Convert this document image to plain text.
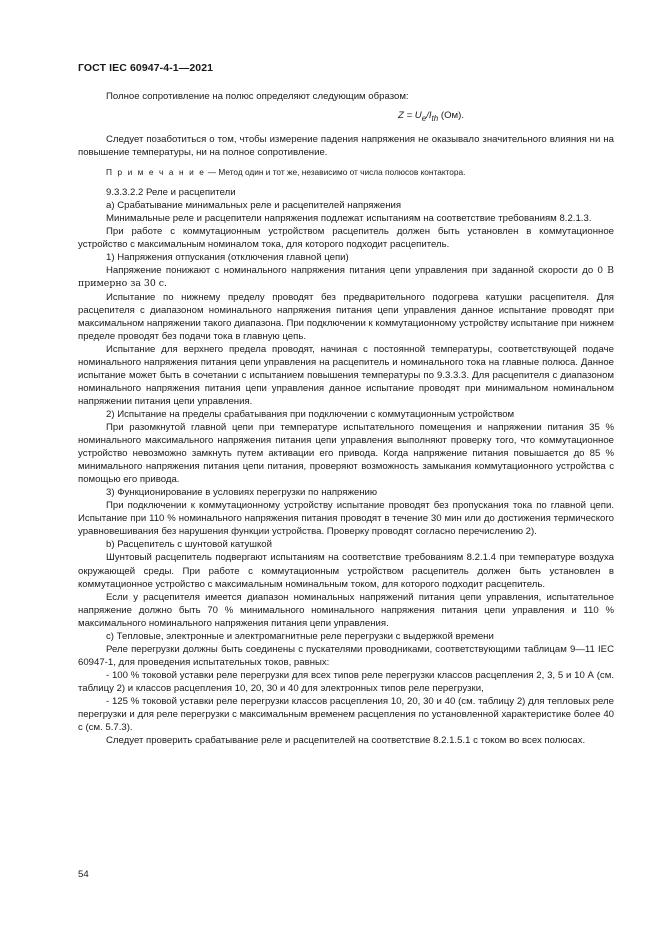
ГОСТ IEC 60947-4-1—2021

Полное сопротивление на полюс определяют следующим образом:

$Z = U_e/I_{th}$ (Ом).

Следует позаботиться о том, чтобы измерение падения напряжения не оказывало значительного влияния ни на повышение температуры, ни на полное сопротивление.

П р и м е ч а н и е — Метод один и тот же, независимо от числа полюсов контактора.

9.3.3.2.2 Реле и расцепители

a) Срабатывание минимальных реле и расцепителей напряжения

Минимальные реле и расцепители напряжения подлежат испытаниям на соответствие требованиям 8.2.1.3.

При работе с коммутационным устройством расцепитель должен быть установлен в коммутационное устройство с максимальным номиналом тока, для которого подходит расцепитель.

1) Напряжения отпускания (отключения главной цепи)

Напряжение понижают с номинального напряжения питания цепи управления при заданной скорости до 0 В примерно за 30 с.

Испытание по нижнему пределу проводят без предварительного подогрева катушки расцепителя. Для расцепителя с диапазоном номинального напряжения питания цепи управления данное испытание проводят при максимальном напряжении такого диапазона. При подключении к коммутационному устройству испытание при нижнем пределе проводят без подачи тока в главную цепь.

Испытание для верхнего предела проводят, начиная с постоянной температуры, соответствующей подаче номинального напряжения питания цепи управления на расцепитель и номинального тока на главные полюса. Данное испытание может быть в сочетании с испытанием повышения температуры по 9.3.3.3. Для расцепителя с диапазоном номинального напряжения питания цепи управления данное испытание проводят при минимальном номинальном напряжении питания цепи управления.

2) Испытание на пределы срабатывания при подключении с коммутационным устройством

При разомкнутой главной цепи при температуре испытательного помещения и напряжении питания 35 % номинального максимального напряжения питания цепи управления выполняют проверку того, что коммутационное устройство невозможно замкнуть путем активации его привода. Когда напряжение питания повышается до 85 % минимального напряжения питания цепи питания, проверяют возможность замыкания коммутационного устройства с помощью его привода.

3) Функционирование в условиях перегрузки по напряжению

При подключении к коммутационному устройству испытание проводят без пропускания тока по главной цепи. Испытание при 110 % номинального напряжения питания проводят в течение 30 мин или до достижения термического уравновешивания без нарушения функции устройства. Проверку проводят согласно перечислению 2).

b) Расцепитель с шунтовой катушкой

Шунтовый расцепитель подвергают испытаниям на соответствие требованиям 8.2.1.4 при температуре воздуха окружающей среды. При работе с коммутационным устройством расцепитель должен быть установлен в коммутационное устройство с максимальным номинальным током, для которого подходит расцепитель.

Если у расцепителя имеется диапазон номинальных напряжений питания цепи управления, испытательное напряжение должно быть 70 % минимального номинального напряжения питания цепи управления и 110 % максимального номинального напряжения питания цепи управления.

c) Тепловые, электронные и электромагнитные реле перегрузки с выдержкой времени

Реле перегрузки должны быть соединены с пускателями проводниками, соответствующими таблицам 9—11 IEC 60947-1, для проведения испытательных токов, равных:

- 100 % токовой уставки реле перегрузки для всех типов реле перегрузки классов расцепления 2, 3, 5 и 10 А (см. таблицу 2) и классов расцепления 10, 20, 30 и 40 для электронных типов реле перегрузки,

- 125 % токовой уставки реле перегрузки классов расцепления 10, 20, 30 и 40 (см. таблицу 2) для тепловых реле перегрузки и для реле перегрузки с максимальным временем расцепления по установленной характеристике более 40 с (см. 5.7.3).

Следует проверить срабатывание реле и расцепителей на соответствие 8.2.1.5.1 с током во всех полюсах.

54
